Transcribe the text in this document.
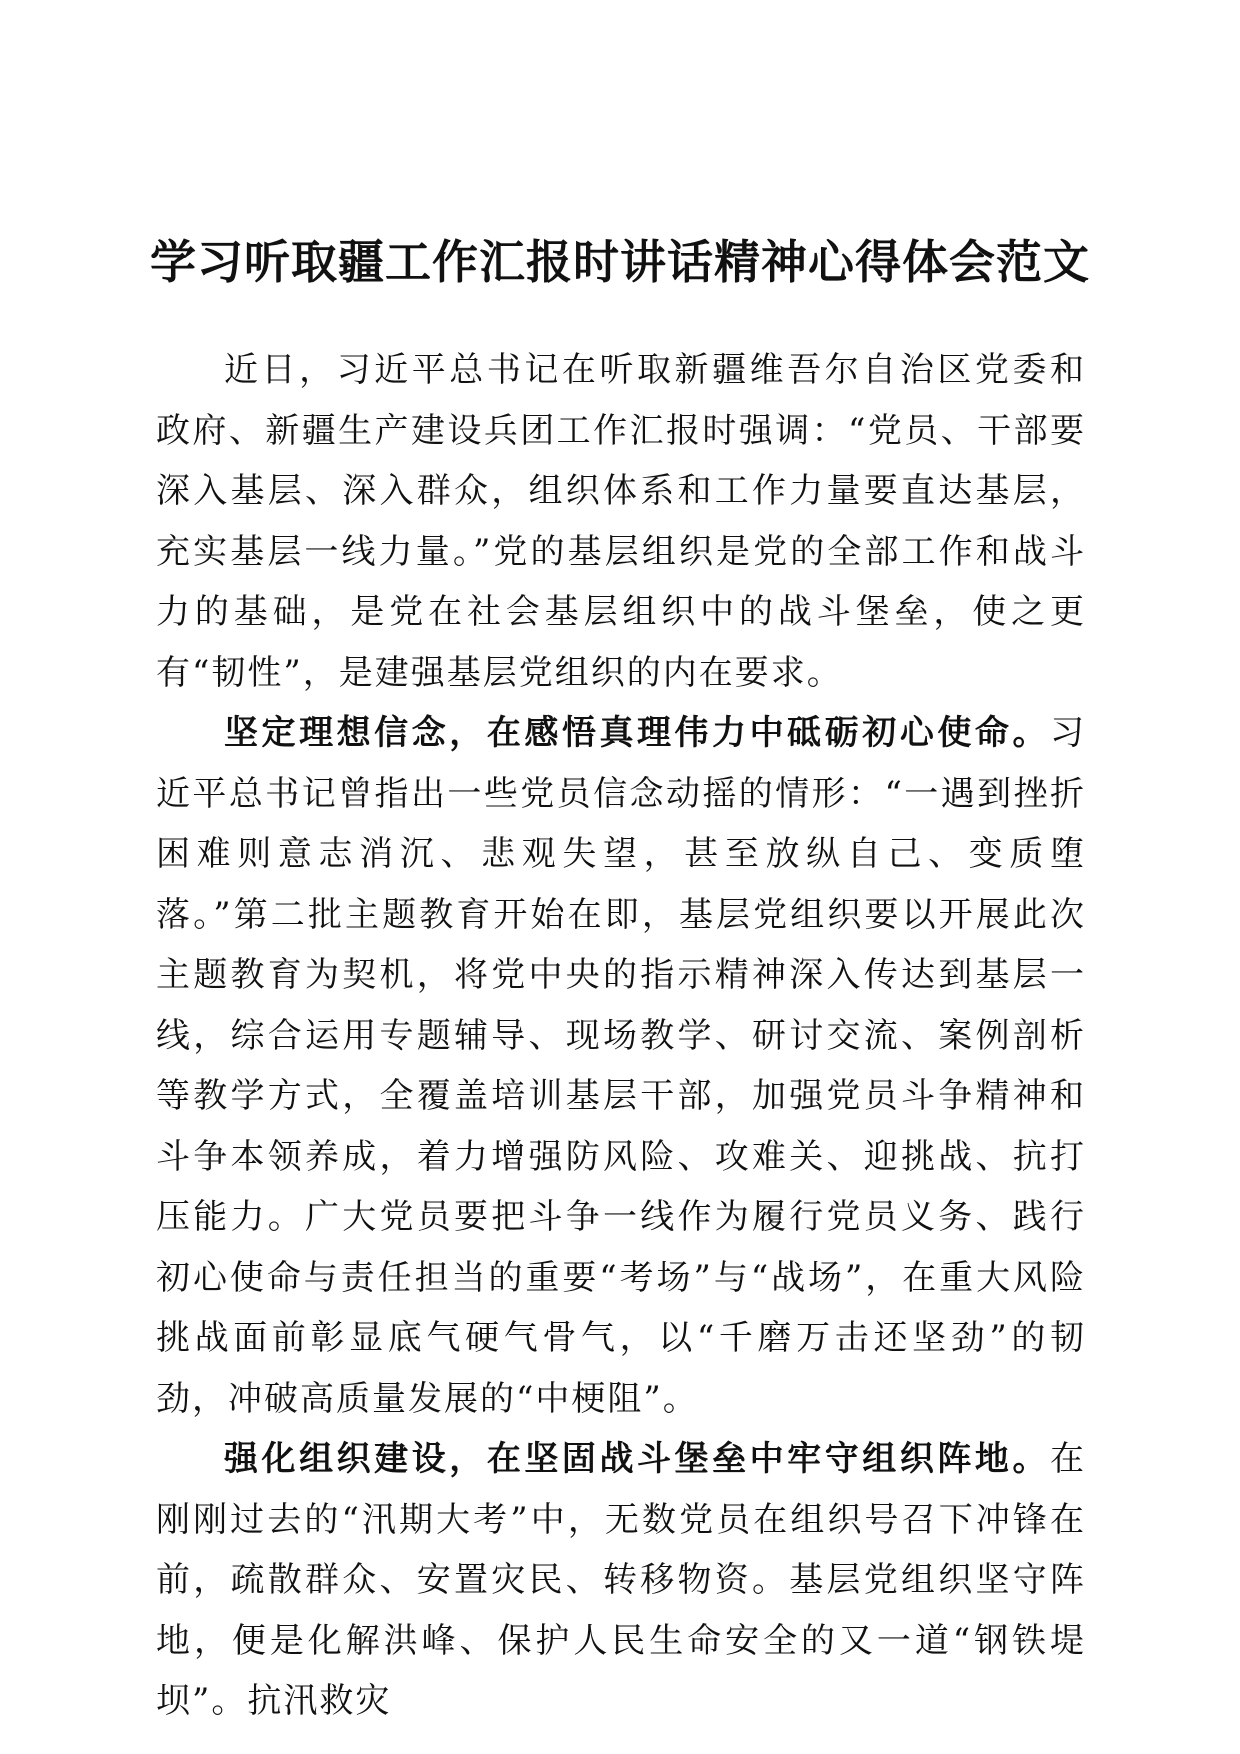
学习听取疆工作汇报时讲话精神心得体会范文

近日，习近平总书记在听取新疆维吾尔自治区党委和政府、新疆生产建设兵团工作汇报时强调：“党员、干部要深入基层、深入群众，组织体系和工作力量要直达基层，充实基层一线力量。”党的基层组织是党的全部工作和战斗力的基础，是党在社会基层组织中的战斗堡垒，使之更有“韧性”，是建强基层党组织的内在要求。

坚定理想信念，在感悟真理伟力中砥砺初心使命。习近平总书记曾指出一些党员信念动摇的情形：“一遇到挫折困难则意志消沉、悲观失望，甚至放纵自己、变质堕落。”第二批主题教育开始在即，基层党组织要以开展此次主题教育为契机，将党中央的指示精神深入传达到基层一线，综合运用专题辅导、现场教学、研讨交流、案例剖析等教学方式，全覆盖培训基层干部，加强党员斗争精神和斗争本领养成，着力增强防风险、攻难关、迎挑战、抗打压能力。广大党员要把斗争一线作为履行党员义务、践行初心使命与责任担当的重要“考场”与“战场”，在重大风险挑战面前彰显底气硬气骨气，以“千磨万击还坚劲”的韧劲，冲破高质量发展的“中梗阻”。

强化组织建设，在坚固战斗堡垒中牢守组织阵地。在刚刚过去的“汛期大考”中，无数党员在组织号召下冲锋在前，疏散群众、安置灾民、转移物资。基层党组织坚守阵地，便是化解洪峰、保护人民生命安全的又一道“钢铁堤坝”。抗汛救灾
